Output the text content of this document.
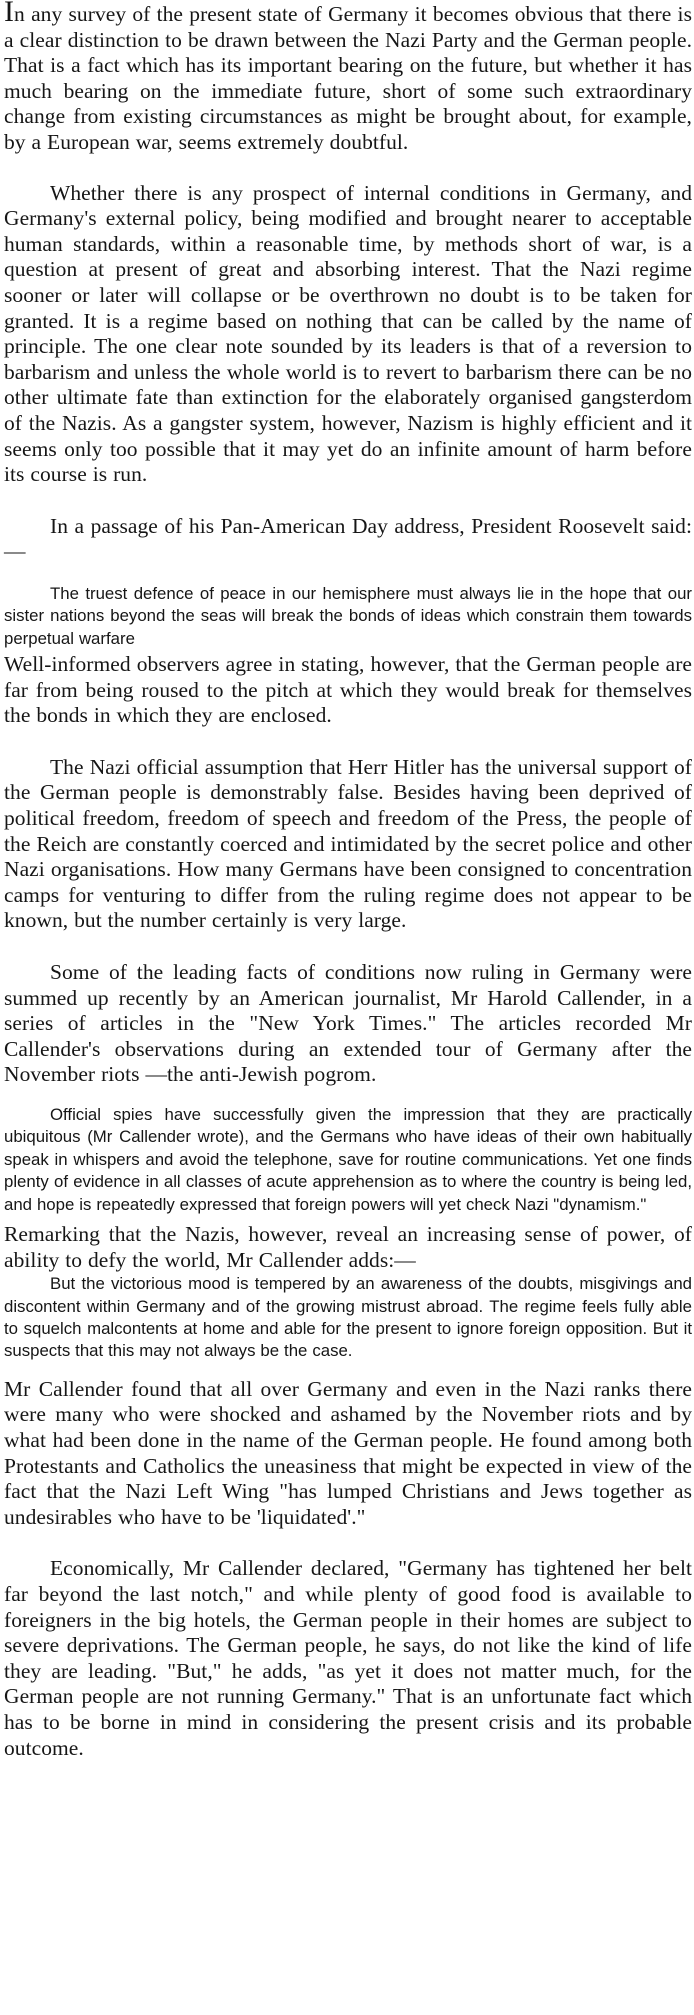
In any survey of the present state of Germany it becomes obvious that there is a clear distinction to be drawn between the Nazi Party and the German people. That is a fact which has its important bearing on the future, but whether it has much bearing on the immediate future, short of some such extraordinary change from existing circumstances as might be brought about, for example, by a European war, seems extremely doubtful.

Whether there is any prospect of internal conditions in Germany, and Germany's external policy, being modified and brought nearer to acceptable human standards, within a reasonable time, by methods short of war, is a question at present of great and absorbing interest. That the Nazi regime sooner or later will collapse or be overthrown no doubt is to be taken for granted. It is a regime based on nothing that can be called by the name of principle. The one clear note sounded by its leaders is that of a reversion to barbarism and unless the whole world is to revert to barbarism there can be no other ultimate fate than extinction for the elaborately organised gangsterdom of the Nazis. As a gangster system, however, Nazism is highly efficient and it seems only too possible that it may yet do an infinite amount of harm before its course is run.

In a passage of his Pan-American Day address, President Roosevelt said:—

The truest defence of peace in our hemisphere must always lie in the hope that our sister nations beyond the seas will break the bonds of ideas which constrain them towards perpetual warfare

Well-informed observers agree in stating, however, that the German people are far from being roused to the pitch at which they would break for themselves the bonds in which they are enclosed.

The Nazi official assumption that Herr Hitler has the universal support of the German people is demonstrably false. Besides having been deprived of political freedom, freedom of speech and freedom of the Press, the people of the Reich are constantly coerced and intimidated by the secret police and other Nazi organisations. How many Germans have been consigned to concentration camps for venturing to differ from the ruling regime does not appear to be known, but the number certainly is very large.

Some of the leading facts of conditions now ruling in Germany were summed up recently by an American journalist, Mr Harold Callender, in a series of articles in the "New York Times." The articles recorded Mr Callender's observations during an extended tour of Germany after the November riots —the anti-Jewish pogrom.

Official spies have successfully given the impression that they are practically ubiquitous (Mr Callender wrote), and the Germans who have ideas of their own habitually speak in whispers and avoid the telephone, save for routine communications. Yet one finds plenty of evidence in all classes of acute apprehension as to where the country is being led, and hope is repeatedly expressed that foreign powers will yet check Nazi "dynamism."

Remarking that the Nazis, however, reveal an increasing sense of power, of ability to defy the world, Mr Callender adds:—

But the victorious mood is tempered by an awareness of the doubts, misgivings and discontent within Germany and of the growing mistrust abroad. The regime feels fully able to squelch malcontents at home and able for the present to ignore foreign opposition. But it suspects that this may not always be the case.

Mr Callender found that all over Germany and even in the Nazi ranks there were many who were shocked and ashamed by the November riots and by what had been done in the name of the German people. He found among both Protestants and Catholics the uneasiness that might be expected in view of the fact that the Nazi Left Wing "has lumped Christians and Jews together as undesirables who have to be 'liquidated'."

Economically, Mr Callender declared, "Germany has tightened her belt far beyond the last notch," and while plenty of good food is available to foreigners in the big hotels, the German people in their homes are subject to severe deprivations. The German people, he says, do not like the kind of life they are leading. "But," he adds, "as yet it does not matter much, for the German people are not running Germany." That is an unfortunate fact which has to be borne in mind in considering the present crisis and its probable outcome.
